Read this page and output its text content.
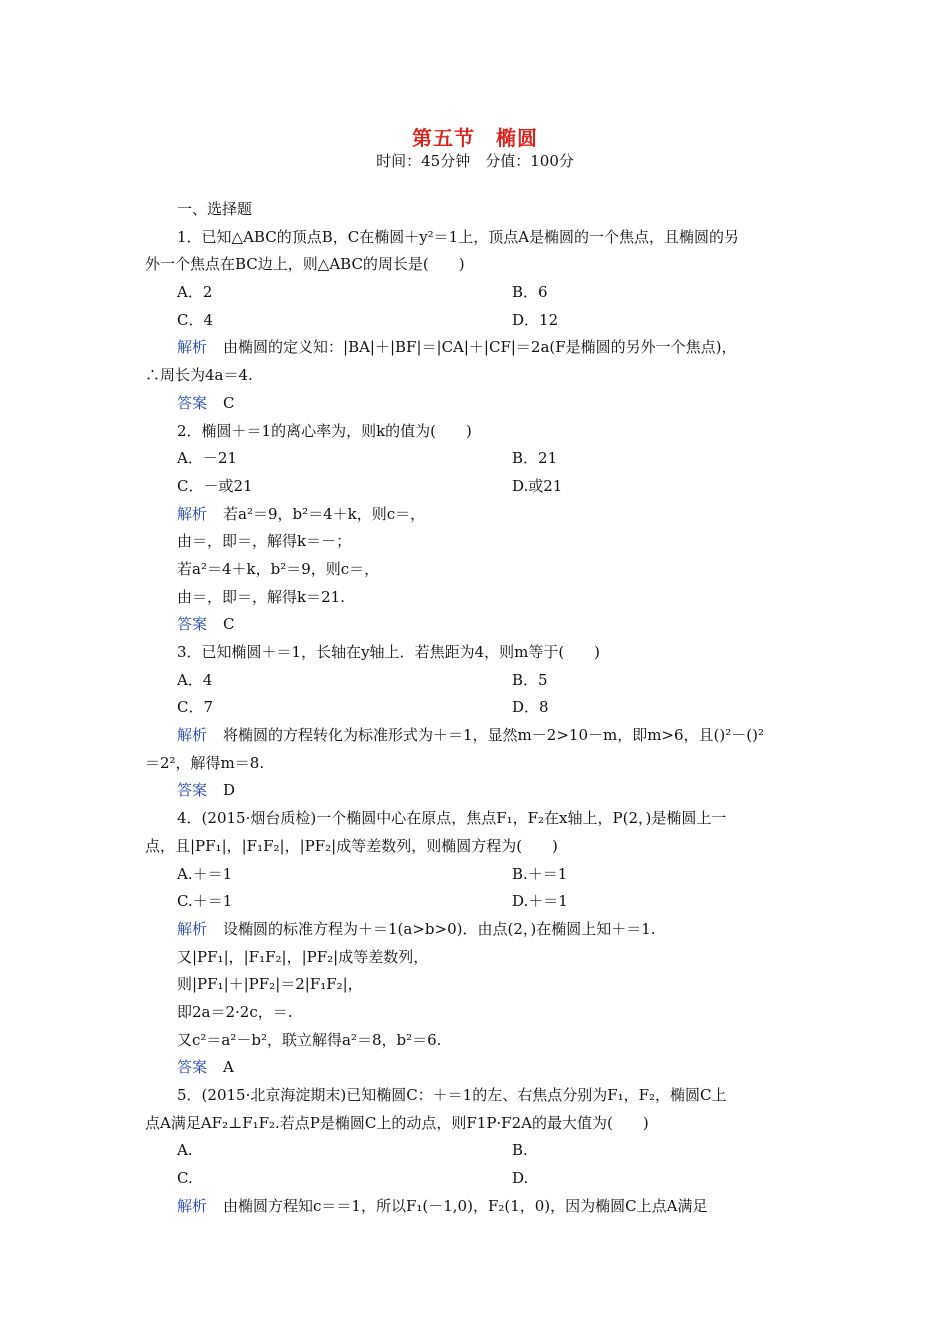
第五节　椭圆
时间：45分钟　分值：100分
一、选择题
1．已知△ABC的顶点B，C在椭圆＋y²＝1上，顶点A是椭圆的一个焦点，且椭圆的另
外一个焦点在BC边上，则△ABC的周长是(　　)
A．2	B．6
C．4	D．12
解析 由椭圆的定义知：|BA|＋|BF|＝|CA|＋|CF|＝2a(F是椭圆的另外一个焦点)，
∴周长为4a＝4.
答案 C
2．椭圆＋＝1的离心率为，则k的值为(　　)
A．－21	B．21
C．－或21	D.或21
解析 若a²＝9，b²＝4＋k，则c＝，
由＝，即＝，解得k＝－；
若a²＝4＋k，b²＝9，则c＝，
由＝，即＝，解得k＝21.
答案 C
3．已知椭圆＋＝1，长轴在y轴上．若焦距为4，则m等于(　　)
A．4	B．5
C．7	D．8
解析 将椭圆的方程转化为标准形式为＋＝1，显然m－2>10－m，即m>6，且()²－()²
＝2²，解得m＝8.
答案 D
4．(2015·烟台质检)一个椭圆中心在原点，焦点F₁，F₂在x轴上，P(2，)是椭圆上一
点，且|PF₁|，|F₁F₂|，|PF₂|成等差数列，则椭圆方程为(　　)
A.＋＝1	B.＋＝1
C.＋＝1	D.＋＝1
解析 设椭圆的标准方程为＋＝1(a>b>0)．由点(2，)在椭圆上知＋＝1.
又|PF₁|，|F₁F₂|，|PF₂|成等差数列，
则|PF₁|＋|PF₂|＝2|F₁F₂|，
即2a＝2·2c，＝.
又c²＝a²－b²，联立解得a²＝8，b²＝6.
答案 A
5．(2015·北京海淀期末)已知椭圆C：＋＝1的左、右焦点分别为F₁，F₂，椭圆C上
点A满足AF₂⊥F₁F₂.若点P是椭圆C上的动点，则F1P·F2A的最大值为(　　)
A.	B.
C.	D.
解析 由椭圆方程知c＝＝1，所以F₁(－1,0)，F₂(1，0)，因为椭圆C上点A满足
